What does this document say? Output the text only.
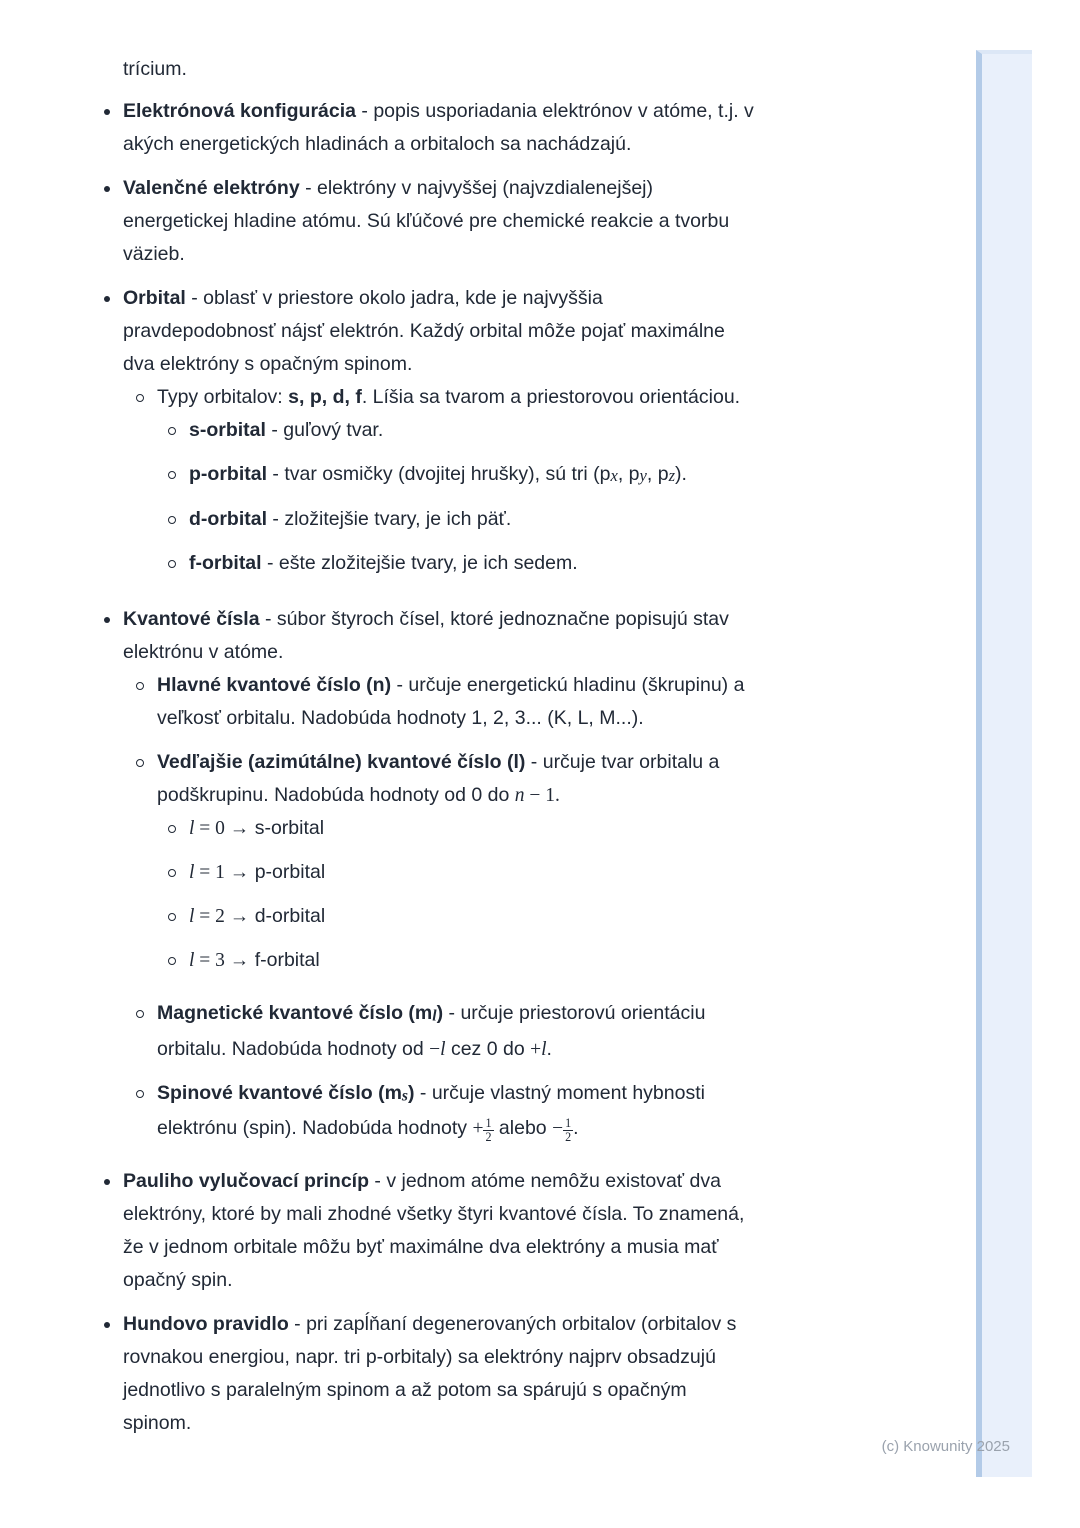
(c) Knowunity 2025

trícium.

Elektrónová konfigurácia - popis usporiadania elektrónov v atóme, t.j. v
akých energetických hladinách a orbitaloch sa nachádzajú.
Valenčné elektróny - elektróny v najvyššej (najvzdialenejšej)
energetickej hladine atómu. Sú kľúčové pre chemické reakcie a tvorbu
väzieb.
Orbital - oblasť v priestore okolo jadra, kde je najvyššia
pravdepodobnosť nájsť elektrón. Každý orbital môže pojať maximálne
dva elektróny s opačným spinom.
Typy orbitalov: s, p, d, f. Líšia sa tvarom a priestorovou orientáciou.
s-orbital - guľový tvar.
p-orbital - tvar osmičky (dvojitej hrušky), sú tri (px, py, pz).
d-orbital - zložitejšie tvary, je ich päť.
f-orbital - ešte zložitejšie tvary, je ich sedem.
Kvantové čísla - súbor štyroch čísel, ktoré jednoznačne popisujú stav
elektrónu v atóme.
Hlavné kvantové číslo (n) - určuje energetickú hladinu (škrupinu) a
veľkosť orbitalu. Nadobúda hodnoty 1, 2, 3... (K, L, M...).
Vedľajšie (azimútálne) kvantové číslo (l) - určuje tvar orbitalu a
podškrupinu. Nadobúda hodnoty od 0 do n − 1.
l = 0 → s-orbital
l = 1 → p-orbital
l = 2 → d-orbital
l = 3 → f-orbital
Magnetické kvantové číslo (ml) - určuje priestorovú orientáciu
orbitalu. Nadobúda hodnoty od −l cez 0 do +l.
Spinové kvantové číslo (ms) - určuje vlastný moment hybnosti
elektrónu (spin). Nadobúda hodnoty + $\frac{1}{2}$ alebo − $\frac{1}{2}$ .
Pauliho vylučovací princíp - v jednom atóme nemôžu existovať dva
elektróny, ktoré by mali zhodné všetky štyri kvantové čísla. To znamená,
že v jednom orbitale môžu byť maximálne dva elektróny a musia mať
opačný spin.
Hundovo pravidlo - pri zapĺňaní degenerovaných orbitalov (orbitalov s
rovnakou energiou, napr. tri p-orbitaly) sa elektróny najprv obsadzujú
jednotlivo s paralelným spinom a až potom sa spárujú s opačným
spinom.
